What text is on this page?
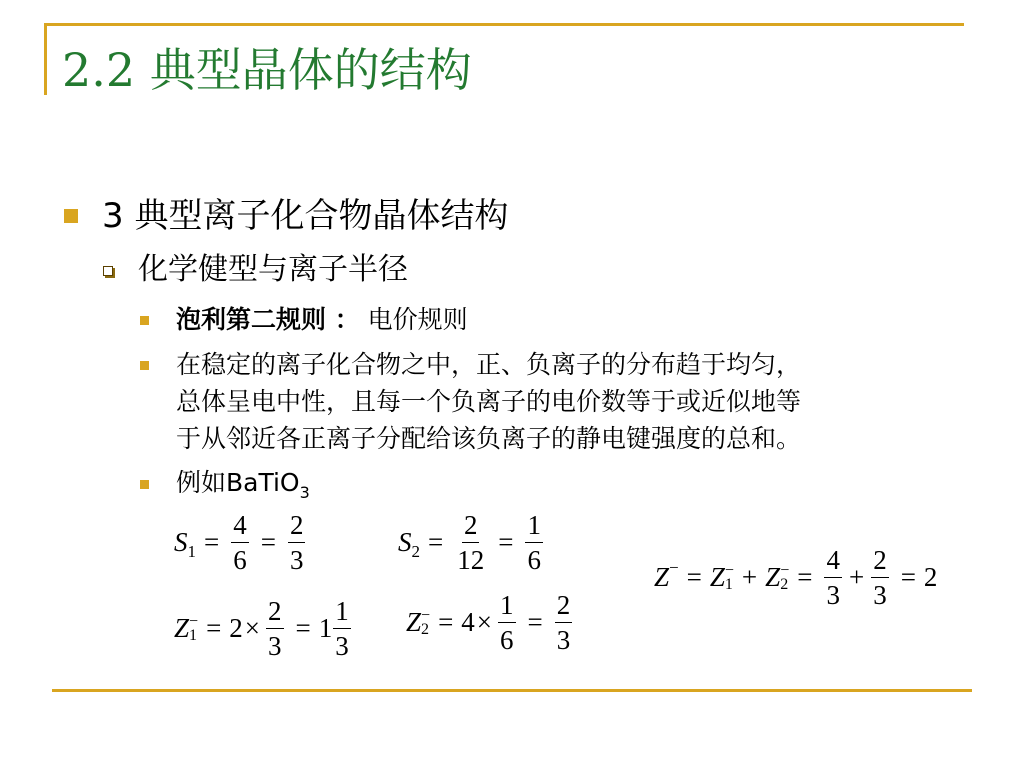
2.2 典型晶体的结构
3 典型离子化合物晶体结构
化学健型与离子半径
泡利第二规则 ： 电价规则
在稳定的离子化合物之中，正、负离子的分布趋于均匀，
总体呈电中性，且每一个负离子的电价数等于或近似地等
于从邻近各正离子分配给该负离子的静电键强度的总和。
例如BaTiO$_3$
S $1 = \frac{4}{6} = \frac{2}{3}$	S $2 = \frac{2}{12} = \frac{1}{6}$	Z − = Z −
1 + Z −
$2 = \frac{4}{3} + \frac{2}{3} = 2$
Z −
$1 = 2 \times \frac{2}{3} = 1 \frac{1}{3}$ Z −
$2 = 4 \times \frac{1}{6} = \frac{2}{3}$
